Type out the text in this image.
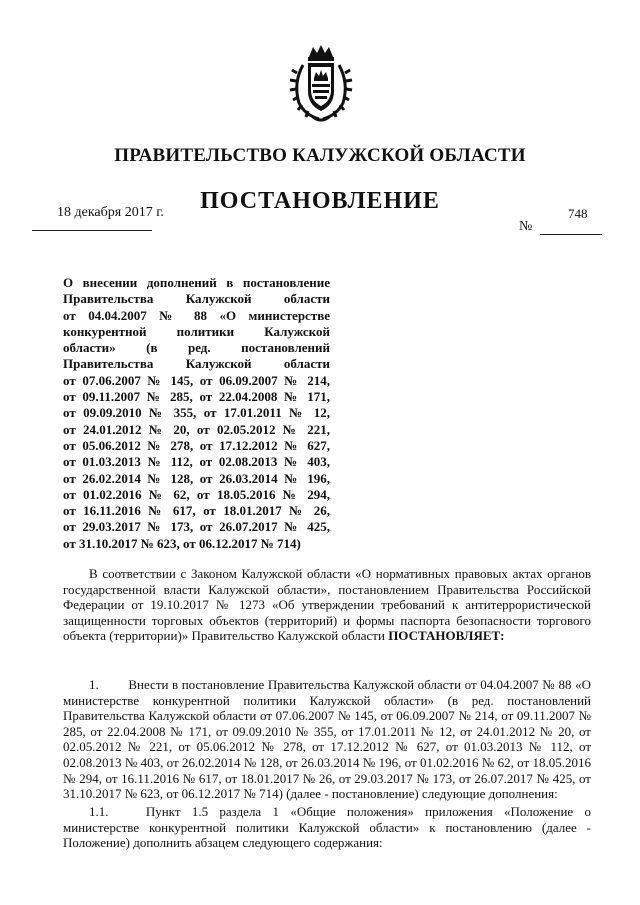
ПРАВИТЕЛЬСТВО КАЛУЖСКОЙ ОБЛАСТИ
ПОСТАНОВЛЕНИЕ
18 декабря 2017 г.	748
№
О внесении дополнений в постановление
Правительства Калужской области
от 04.04.2007 № 88 «О министерстве
конкурентной политики Калужской
области» (в ред. постановлений
Правительства Калужской области
от 07.06.2007 № 145, от 06.09.2007 № 214,
от 09.11.2007 № 285, от 22.04.2008 № 171,
от 09.09.2010 № 355, от 17.01.2011 № 12,
от 24.01.2012 № 20, от 02.05.2012 № 221,
от 05.06.2012 № 278, от 17.12.2012 № 627,
от 01.03.2013 № 112, от 02.08.2013 № 403,
от 26.02.2014 № 128, от 26.03.2014 № 196,
от 01.02.2016 № 62, от 18.05.2016 № 294,
от 16.11.2016 № 617, от 18.01.2017 № 26,
от 29.03.2017 № 173, от 26.07.2017 № 425,
от 31.10.2017 № 623, от 06.12.2017 № 714)
В соответствии с Законом Калужской области «О нормативных правовых актах органов государственной власти Калужской области», постановлением Правительства Российской Федерации от 19.10.2017 № 1273 «Об утверждении требований к антитеррористической защищенности торговых объектов (территорий) и формы паспорта безопасности торгового объекта (территории)» Правительство Калужской области ПОСТАНОВЛЯЕТ:
1. Внести в постановление Правительства Калужской области от 04.04.2007 № 88 «О министерстве конкурентной политики Калужской области» (в ред. постановлений Правительства Калужской области от 07.06.2007 № 145, от 06.09.2007 № 214, от 09.11.2007 № 285, от 22.04.2008 № 171, от 09.09.2010 № 355, от 17.01.2011 № 12, от 24.01.2012 № 20, от 02.05.2012 № 221, от 05.06.2012 № 278, от 17.12.2012 № 627, от 01.03.2013 № 112, от 02.08.2013 № 403, от 26.02.2014 № 128, от 26.03.2014 № 196, от 01.02.2016 № 62, от 18.05.2016 № 294, от 16.11.2016 № 617, от 18.01.2017 № 26, от 29.03.2017 № 173, от 26.07.2017 № 425, от 31.10.2017 № 623, от 06.12.2017 № 714) (далее - постановление) следующие дополнения:
1.1.	Пункт 1.5 раздела 1 «Общие положения» приложения «Положение о министерстве конкурентной политики Калужской области» к постановлению (далее - Положение) дополнить абзацем следующего содержания:
